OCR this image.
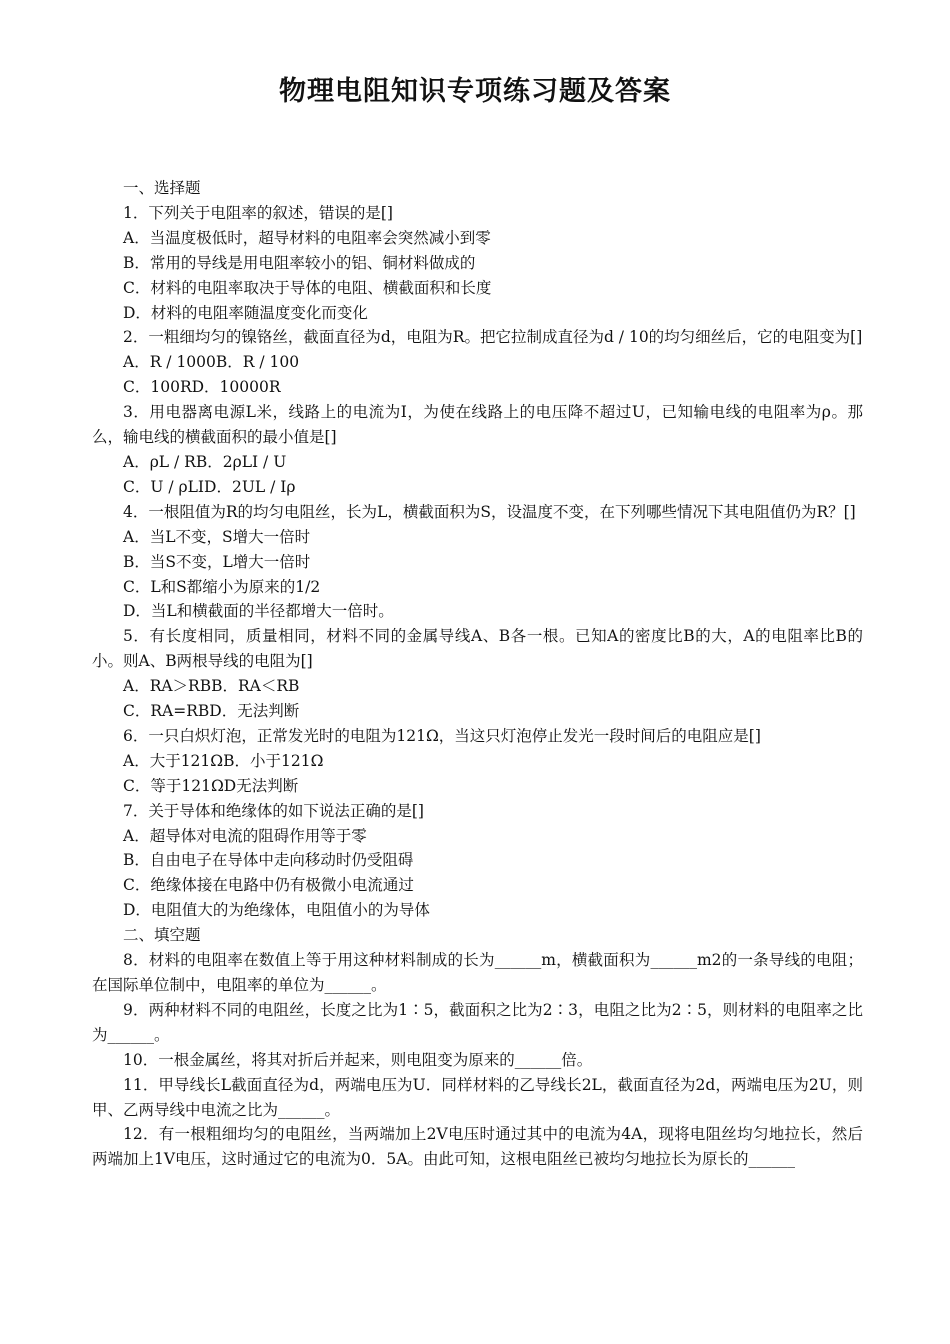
物理电阻知识专项练习题及答案
一、选择题
1．下列关于电阻率的叙述，错误的是[]
A．当温度极低时，超导材料的电阻率会突然减小到零
B．常用的导线是用电阻率较小的铝、铜材料做成的
C．材料的电阻率取决于导体的电阻、横截面积和长度
D．材料的电阻率随温度变化而变化
2．一粗细均匀的镍铬丝，截面直径为d，电阻为R。把它拉制成直径为d / 10的均匀细丝后，它的电阻变为[]
A．R / 1000B．R / 100
C．100RD．10000R
3．用电器离电源L米，线路上的电流为I，为使在线路上的电压降不超过U，已知输电线的电阻率为ρ。那么，输电线的横截面积的最小值是[]
A．ρL / RB．2ρLI / U
C．U / ρLID．2UL / Iρ
4．一根阻值为R的均匀电阻丝，长为L，横截面积为S，设温度不变，在下列哪些情况下其电阻值仍为R？[]
A．当L不变，S增大一倍时
B．当S不变，L增大一倍时
C．L和S都缩小为原来的1/2
D．当L和横截面的半径都增大一倍时。
5．有长度相同，质量相同，材料不同的金属导线A、B各一根。已知A的密度比B的大，A的电阻率比B的小。则A、B两根导线的电阻为[]
A．RA＞RBB．RA＜RB
C．RA=RBD．无法判断
6．一只白炽灯泡，正常发光时的电阻为121Ω，当这只灯泡停止发光一段时间后的电阻应是[]
A．大于121ΩB．小于121Ω
C．等于121ΩD无法判断
7．关于导体和绝缘体的如下说法正确的是[]
A．超导体对电流的阻碍作用等于零
B．自由电子在导体中走向移动时仍受阻碍
C．绝缘体接在电路中仍有极微小电流通过
D．电阻值大的为绝缘体，电阻值小的为导体
二、填空题
8．材料的电阻率在数值上等于用这种材料制成的长为______m，横截面积为______m2的一条导线的电阻；在国际单位制中，电阻率的单位为______。
9．两种材料不同的电阻丝，长度之比为1∶5，截面积之比为2∶3，电阻之比为2∶5，则材料的电阻率之比为______。
10．一根金属丝，将其对折后并起来，则电阻变为原来的______倍。
11．甲导线长L截面直径为d，两端电压为U．同样材料的乙导线长2L，截面直径为2d，两端电压为2U，则甲、乙两导线中电流之比为______。
12．有一根粗细均匀的电阻丝，当两端加上2V电压时通过其中的电流为4A，现将电阻丝均匀地拉长，然后两端加上1V电压，这时通过它的电流为0．5A。由此可知，这根电阻丝已被均匀地拉长为原长的______
